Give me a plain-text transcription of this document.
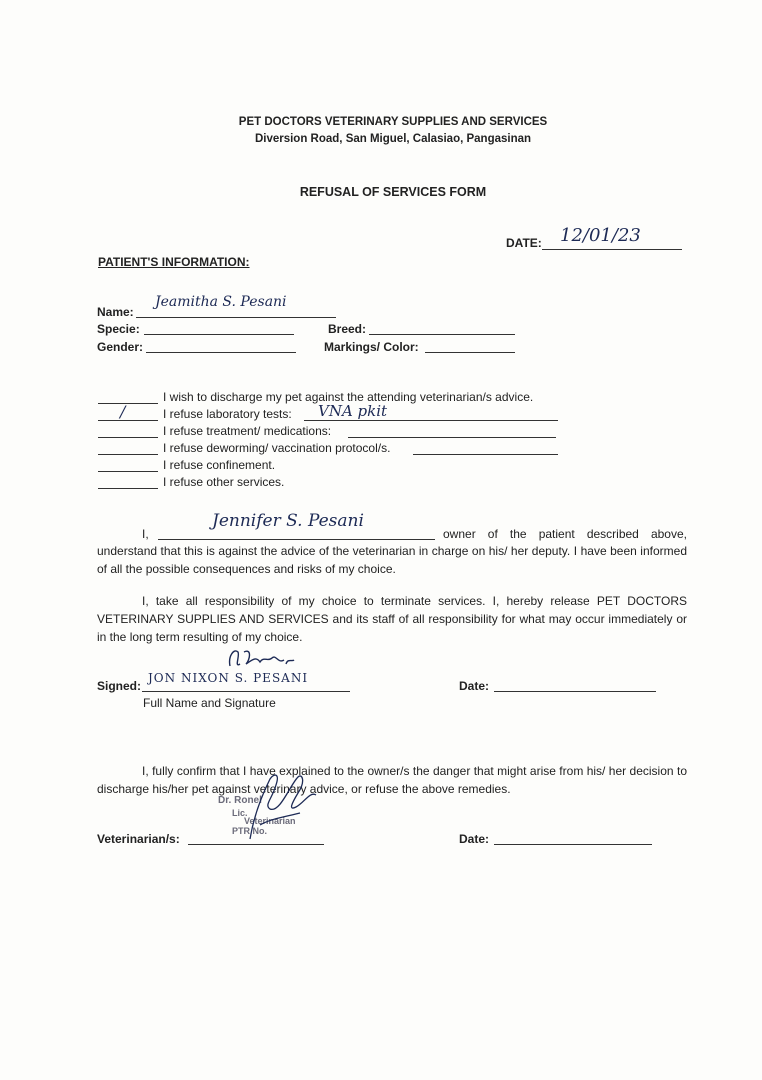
PET DOCTORS VETERINARY SUPPLIES AND SERVICES
Diversion Road, San Miguel, Calasiao, Pangasinan
REFUSAL OF SERVICES FORM
DATE: 12/01/23
PATIENT'S INFORMATION:
Name:
Jeamitha S. Pesani
Specie:	Breed:
Gender:	Markings/ Color:
I wish to discharge my pet against the attending veterinarian/s advice.
/	I refuse laboratory tests: VNA pkit
I refuse treatment/ medications:
I refuse deworming/ vaccination protocol/s.
I refuse confinement.
I refuse other services.
I,
Jennifer S. Pesani
owner of the patient described above,
understand that this is against the advice of the veterinarian in charge on his/ her deputy. I have been informed of all the possible consequences and risks of my choice.
I, take all responsibility of my choice to terminate services. I, hereby release PET DOCTORS VETERINARY SUPPLIES AND SERVICES and its staff of all responsibility for what may occur immediately or in the long term resulting of my choice.
Signed:
JON NIXON S. PESANI
Full Name and Signature
Date:
I, fully confirm that I have explained to the owner/s the danger that might arise from his/ her decision to discharge his/her pet against veterinary advice, or refuse the above remedies.
Dr. Ronel
Lic.
Veterinarian
PTR No.
Veterinarian/s:	Date:
